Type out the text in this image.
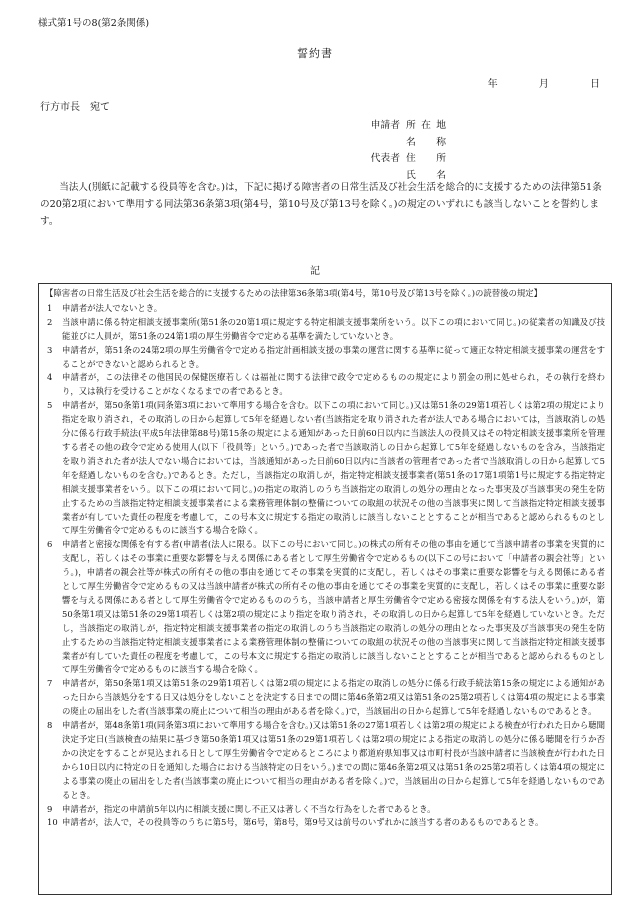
様式第1号の8(第2条関係)
誓約書
年	月	日
行方市長　宛て
申請者 所在地
名称
代表者 住所
氏名
当法人(別紙に記載する役員等を含む。)は，下記に掲げる障害者の日常生活及び社会生活を総合的に支援するための法律第51条の20第2項において準用する同法第36条第3項(第4号，第10号及び第13号を除く。)の規定のいずれにも該当しないことを誓約します。
記
【障害者の日常生活及び社会生活を総合的に支援するための法律第36条第3項(第4号，第10号及び第13号を除く。)の読替後の規定】
1	申請者が法人でないとき。
2	当該申請に係る特定相談支援事業所(第51条の20第1項に規定する特定相談支援事業所をいう。以下この項において同じ。)の従業者の知識及び技能並びに人員が，第51条の24第1項の厚生労働省令で定める基準を満たしていないとき。
3	申請者が，第51条の24第2項の厚生労働省令で定める指定計画相談支援の事業の運営に関する基準に従って適正な特定相談支援事業の運営をすることができないと認められるとき。
4	申請者が，この法律その他国民の保健医療若しくは福祉に関する法律で政令で定めるものの規定により罰金の刑に処せられ，その執行を終わり，又は執行を受けることがなくなるまでの者であるとき。
5	申請者が，第50条第1項(同条第3項において準用する場合を含む。以下この項において同じ。)又は第51条の29第1項若しくは第2項の規定により指定を取り消され，その取消しの日から起算して5年を経過しない者(当該指定を取り消された者が法人である場合においては，当該取消しの処分に係る行政手続法(平成5年法律第88号)第15条の規定による通知があった日前60日以内に当該法人の役員又はその特定相談支援事業所を管理する者その他の政令で定める使用人(以下「役員等」という。)であった者で当該取消しの日から起算して5年を経過しないものを含み，当該指定を取り消された者が法人でない場合においては，当該通知があった日前60日以内に当該者の管理者であった者で当該取消しの日から起算して5年を経過しないものを含む。)であるとき。ただし，当該指定の取消しが，指定特定相談支援事業者(第51条の17第1項第1号に規定する指定特定相談支援事業者をいう。以下この項において同じ。)の指定の取消しのうち当該指定の取消しの処分の理由となった事実及び当該事実の発生を防止するための当該指定特定相談支援事業者による業務管理体制の整備についての取組の状況その他の当該事実に関して当該指定特定相談支援事業者が有していた責任の程度を考慮して，この号本文に規定する指定の取消しに該当しないこととすることが相当であると認められるものとして厚生労働省令で定めるものに該当する場合を除く。
6	申請者と密接な関係を有する者(申請者(法人に限る。以下この号において同じ。)の株式の所有その他の事由を通じて当該申請者の事業を実質的に支配し，若しくはその事業に重要な影響を与える関係にある者として厚生労働省令で定めるもの(以下この号において「申請者の親会社等」という。)，申請者の親会社等が株式の所有その他の事由を通じてその事業を実質的に支配し，若しくはその事業に重要な影響を与える関係にある者として厚生労働省令で定めるもの又は当該申請者が株式の所有その他の事由を通じてその事業を実質的に支配し，若しくはその事業に重要な影響を与える関係にある者として厚生労働省令で定めるもののうち，当該申請者と厚生労働省令で定める密接な関係を有する法人をいう。)が，第50条第1項又は第51条の29第1項若しくは第2項の規定により指定を取り消され，その取消しの日から起算して5年を経過していないとき。ただし，当該指定の取消しが，指定特定相談支援事業者の指定の取消しのうち当該指定の取消しの処分の理由となった事実及び当該事実の発生を防止するための当該指定特定相談支援事業者による業務管理体制の整備についての取組の状況その他の当該事実に関して当該指定特定相談支援事業者が有していた責任の程度を考慮して，この号本文に規定する指定の取消しに該当しないこととすることが相当であると認められるものとして厚生労働省令で定めるものに該当する場合を除く。
7	申請者が，第50条第1項又は第51条の29第1項若しくは第2項の規定による指定の取消しの処分に係る行政手続法第15条の規定による通知があった日から当該処分をする日又は処分をしないことを決定する日までの間に第46条第2項又は第51条の25第2項若しくは第4項の規定による事業の廃止の届出をした者(当該事業の廃止について相当の理由がある者を除く。)で，当該届出の日から起算して5年を経過しないものであるとき。
8	申請者が，第48条第1項(同条第3項において準用する場合を含む。)又は第51条の27第1項若しくは第2項の規定による検査が行われた日から聴聞決定予定日(当該検査の結果に基づき第50条第1項又は第51条の29第1項若しくは第2項の規定による指定の取消しの処分に係る聴聞を行うか否かの決定をすることが見込まれる日として厚生労働省令で定めるところにより都道府県知事又は市町村長が当該申請者に当該検査が行われた日から10日以内に特定の日を通知した場合における当該特定の日をいう。)までの間に第46条第2項又は第51条の25第2項若しくは第4項の規定による事業の廃止の届出をした者(当該事業の廃止について相当の理由がある者を除く。)で，当該届出の日から起算して5年を経過しないものであるとき。
9	申請者が，指定の申請前5年以内に相談支援に関し不正又は著しく不当な行為をした者であるとき。
10 申請者が，法人で，その役員等のうちに第5号，第6号，第8号，第9号又は前号のいずれかに該当する者のあるものであるとき。
